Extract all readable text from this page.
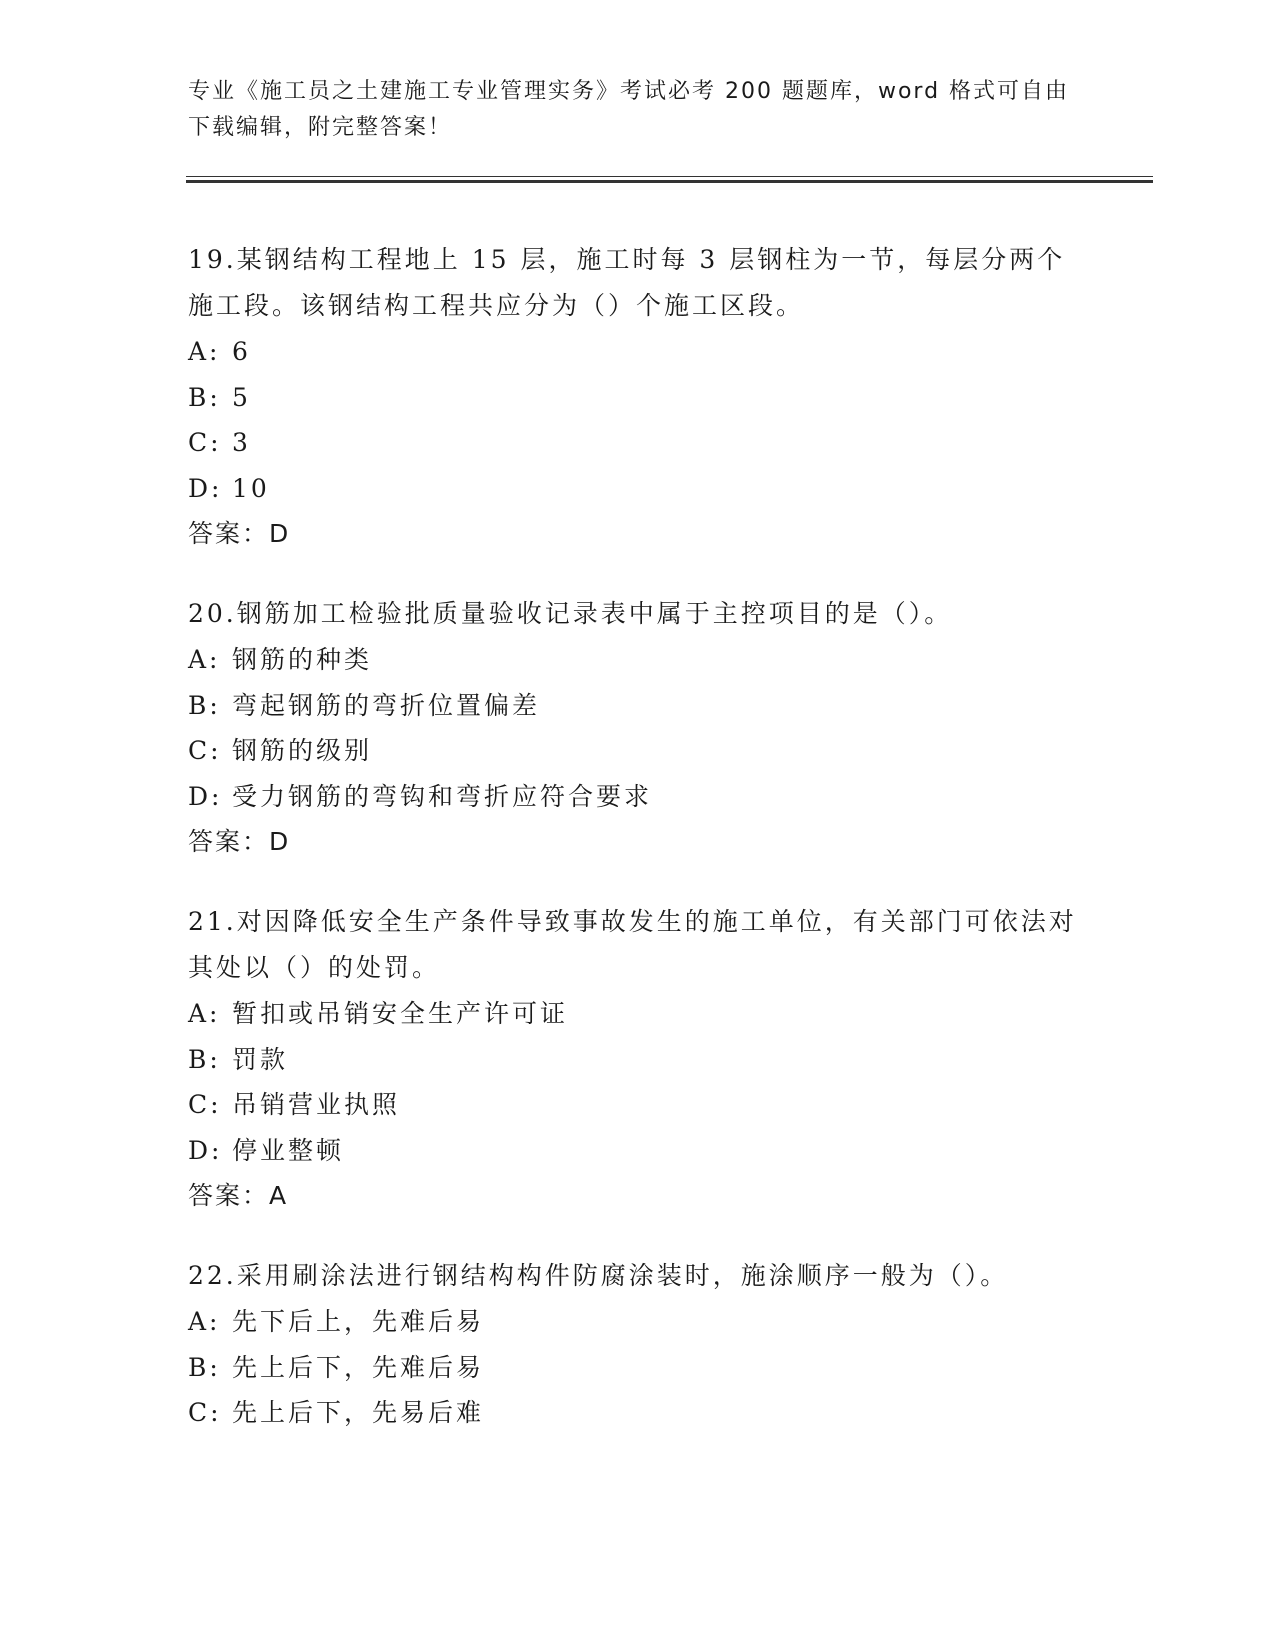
专业《施工员之土建施工专业管理实务》考试必考 200 题题库，word 格式可自由下载编辑，附完整答案！
19.某钢结构工程地上 15 层，施工时每 3 层钢柱为一节，每层分两个施工段。该钢结构工程共应分为（）个施工区段。
A: 6
B: 5
C: 3
D: 10
答案：D
20.钢筋加工检验批质量验收记录表中属于主控项目的是（）。
A: 钢筋的种类
B: 弯起钢筋的弯折位置偏差
C: 钢筋的级别
D: 受力钢筋的弯钩和弯折应符合要求
答案：D
21.对因降低安全生产条件导致事故发生的施工单位，有关部门可依法对其处以（）的处罚。
A: 暂扣或吊销安全生产许可证
B: 罚款
C: 吊销营业执照
D: 停业整顿
答案：A
22.采用刷涂法进行钢结构构件防腐涂装时，施涂顺序一般为（）。
A: 先下后上，先难后易
B: 先上后下，先难后易
C: 先上后下，先易后难
